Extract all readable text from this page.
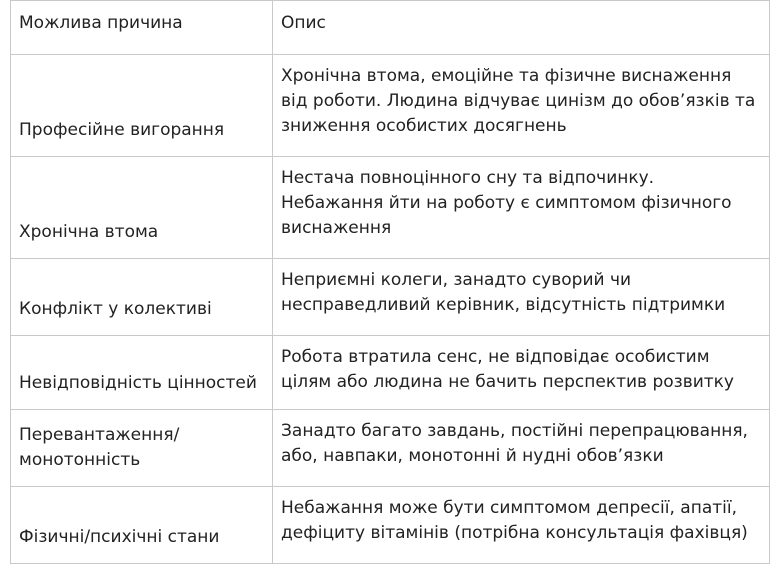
Можлива причина	Опис
Професійне вигорання	Хронічна втома, емоційне та фізичне виснаження від роботи. Людина відчуває цинізм до обов’язків та зниження особистих досягнень
Хронічна втома	Нестача повноцінного сну та відпочинку. Небажання йти на роботу є симптомом фізичного виснаження
Конфлікт у колективі	Неприємні колеги, занадто суворий чи несправедливий керівник, відсутність підтримки
Невідповідність цінностей	Робота втратила сенс, не відповідає особистим цілям або людина не бачить перспектив розвитку
Перевантаження/ монотонність	Занадто багато завдань, постійні перепрацювання, або, навпаки, монотонні й нудні обов’язки
Фізичні/психічні стани	Небажання може бути симптомом депресії, апатії, дефіциту вітамінів (потрібна консультація фахівця)
